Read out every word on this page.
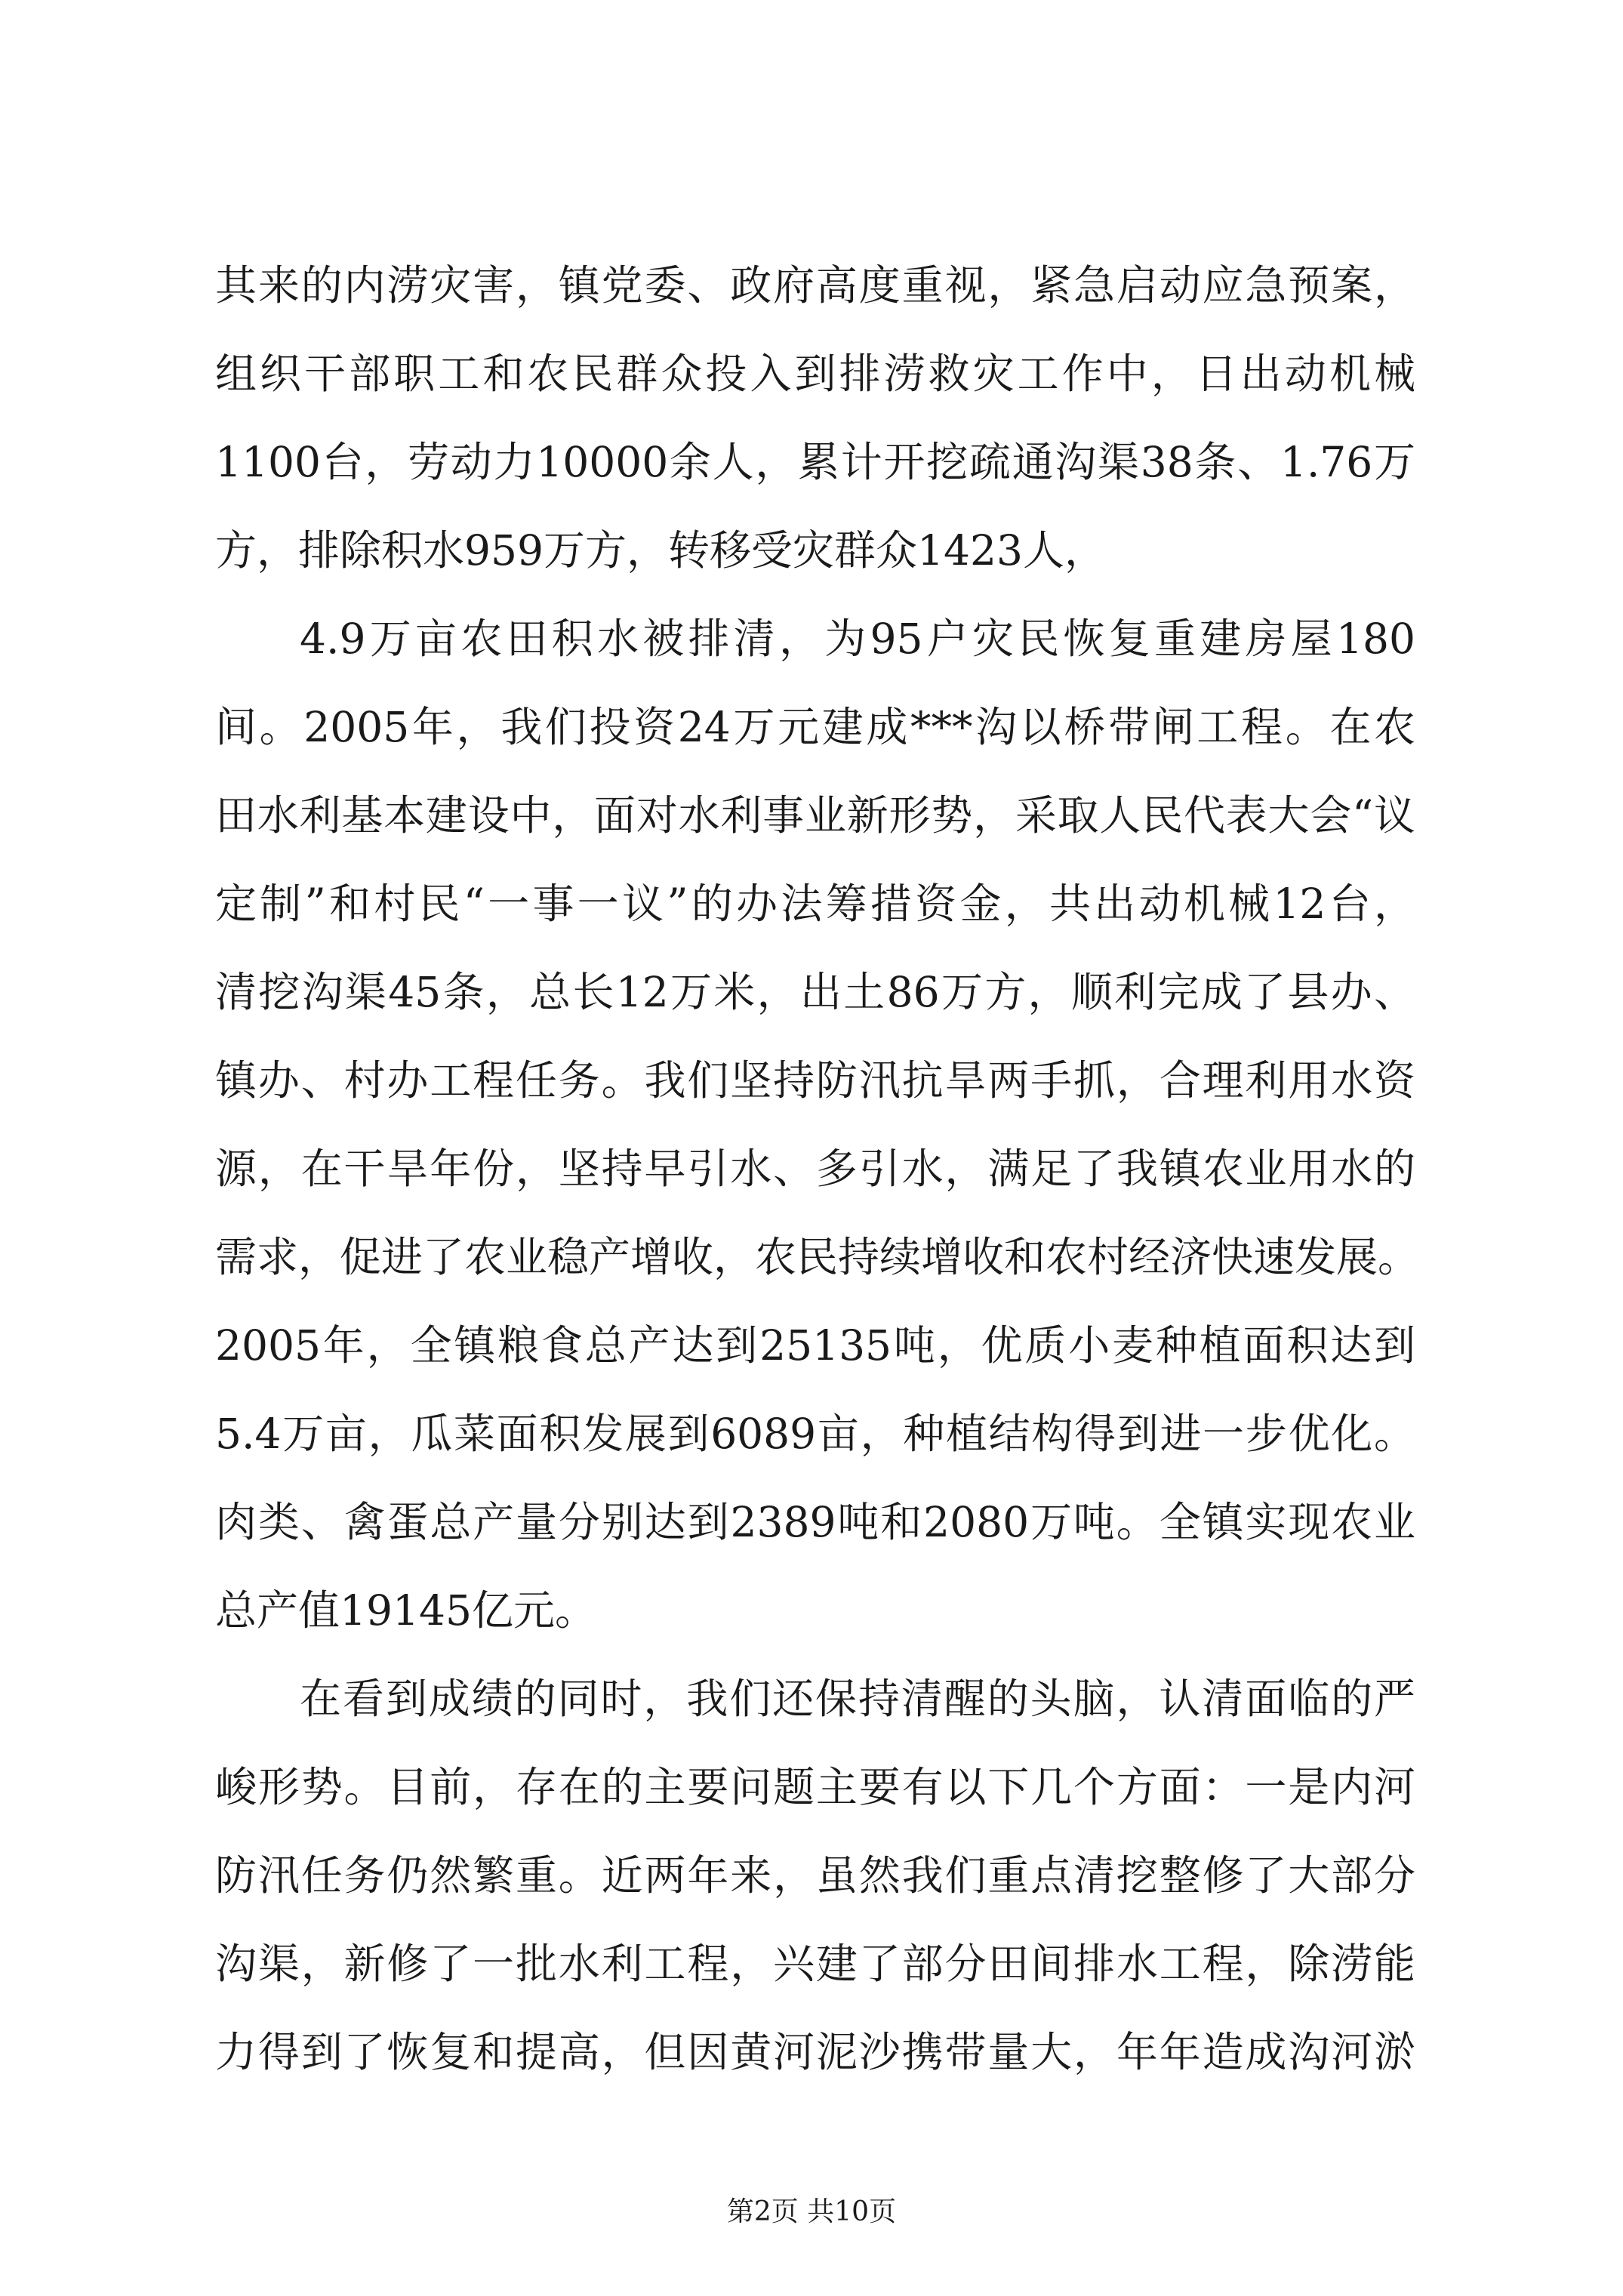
其来的内涝灾害，镇党委、政府高度重视，紧急启动应急预案，
组织干部职工和农民群众投入到排涝救灾工作中，日出动机械
1100台，劳动力10000余人，累计开挖疏通沟渠38条、1.76万
方，排除积水959万方，转移受灾群众1423人，
4.9万亩农田积水被排清，为95户灾民恢复重建房屋180
间。2005年，我们投资24万元建成***沟以桥带闸工程。在农
田水利基本建设中，面对水利事业新形势，采取人民代表大会“议
定制”和村民“一事一议”的办法筹措资金，共出动机械12台，
清挖沟渠45条，总长12万米，出土86万方，顺利完成了县办、
镇办、村办工程任务。我们坚持防汛抗旱两手抓，合理利用水资
源，在干旱年份，坚持早引水、多引水，满足了我镇农业用水的
需求，促进了农业稳产增收，农民持续增收和农村经济快速发展。
2005年，全镇粮食总产达到25135吨，优质小麦种植面积达到
5.4万亩，瓜菜面积发展到6089亩，种植结构得到进一步优化。
肉类、禽蛋总产量分别达到2389吨和2080万吨。全镇实现农业
总产值19145亿元。
在看到成绩的同时，我们还保持清醒的头脑，认清面临的严
峻形势。目前，存在的主要问题主要有以下几个方面：一是内河
防汛任务仍然繁重。近两年来，虽然我们重点清挖整修了大部分
沟渠，新修了一批水利工程，兴建了部分田间排水工程，除涝能
力得到了恢复和提高，但因黄河泥沙携带量大，年年造成沟河淤
第2页 共10页
